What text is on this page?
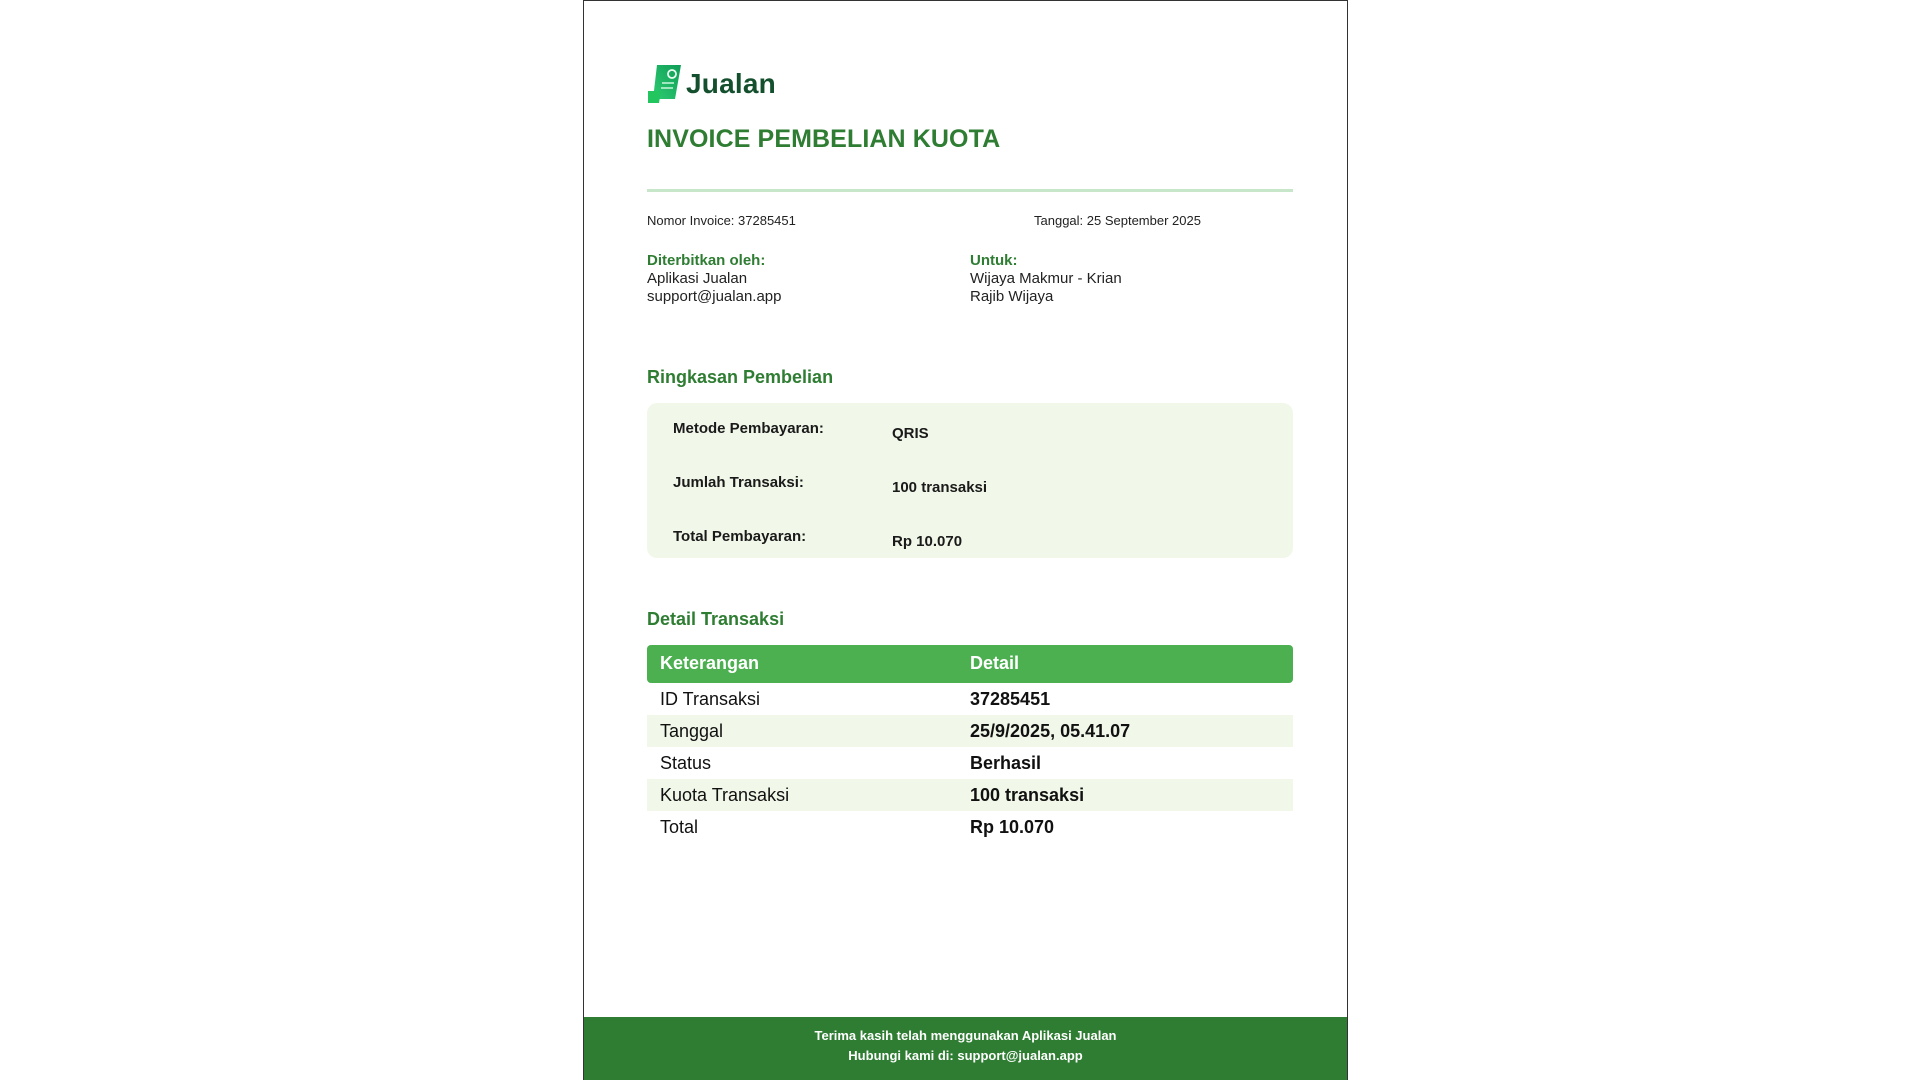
Jualan
INVOICE PEMBELIAN KUOTA
Nomor Invoice: 37285451	Tanggal: 25 September 2025
Diterbitkan oleh:
Aplikasi Jualan
support@jualan.app
Untuk:
Wijaya Makmur - Krian
Rajib Wijaya
Ringkasan Pembelian
Metode Pembayaran:	QRIS
Jumlah Transaksi:	100 transaksi
Total Pembayaran:	Rp 10.070
Detail Transaksi
Keterangan	Detail
ID Transaksi	37285451
Tanggal	25/9/2025, 05.41.07
Status	Berhasil
Kuota Transaksi	100 transaksi
Total	Rp 10.070
Terima kasih telah menggunakan Aplikasi Jualan
Hubungi kami di: support@jualan.app
